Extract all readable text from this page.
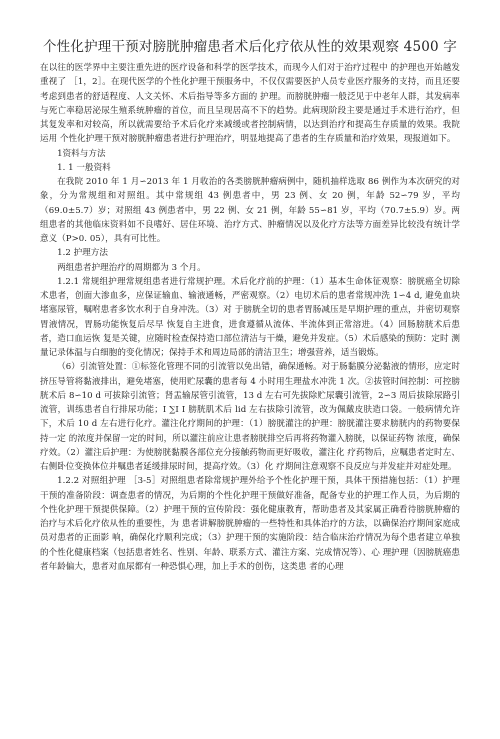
个性化护理干预对膀胱肿瘤患者术后化疗依从性的效果观察 4500 字

在以往的医学界中主要注重先进的医疗设备和科学的医学技术，而现今人们对于治疗过程中 的护理也开始越发重视了 ［1，2］。在现代医学的个性化护理干预服务中，不仅仅需要医护人员专业医疗服务的支持，而且还要考虑到患者的舒适程度、人文关怀、术后指导等多方面的 护理。而膀胱肿瘤一般泛见于中老年人群，其发病率与死亡率稳居泌尿生殖系统肿瘤的首位，而且呈现居高不下的趋势。此病现阶段主要是通过手术进行治疗，但其复发率和对较高，所以就需要给予术后化疗来减缓或者控制病情，以达到治疗和提高生存质量的效果。我院运用 个性化护理干预对膀胱肿瘤患者进行护理治疗，明显地提高了患者的生存质量和治疗效果，现报道如下。

1资料与方法

1. 1 一般资料

在我院 2010 年 1 月∽2013 年 1 月收治的各类膀胱肿瘤病例中，随机抽样选取 86 例作为本次研究的对象，分为常规组和对照组。其中常规组 43 例患者中，男 23 例、女 20 例，年龄 52∽79 岁，平均（69.0±5.7）岁；对照组 43 例患者中，男 22 例、女 21 例，年龄 55∽81 岁，平均（70.7±5.9）岁。两组患者的其他临床资料如不良嗜好、居住环境、治疗方式、肿瘤情况以及化疗方法等方面差异比较没有统计学意义（P>0. 05），具有可比性。

1.2 护理方法

两组患者护理治疗的周期都为 3 个月。

1.2.1 常规组护理常规组患者进行常规护理。术后化疗前的护理：（1）基本生命体征观察：膀胱癌全切除术患者，创面大渗血多，应保证输血、输液通畅，严密观察。（2）电切术后的患者常规冲洗 1∽4 d, 避免血块堵塞尿管，嘱咐患者多饮水利于自身冲洗。（3）对 于膀胱全切的患者胃肠减压是早期护理的重点，并密切观察胃液情况，胃肠功能恢复后尽早 恢复自主进食，进食遵循从流体、半流体到正常溶进。（4）回肠膀胱术后患者，造口血运恢 复是关键，应随时检查保持造口部位清洁与干燥，避免并发症。（5）术后感染的预防：定时 测量记录体温与白细胞的变化情况；保持手术和周边局部的清洁卫生；增强营养，适当锻炼。

（6）引流管处置：①标签化管理不同的引流管以免出错，确保通畅。对于肠黏膜分泌黏液的情形，应定时挤压导管将黏液排出，避免堵塞，使用贮尿囊的患者每 4 小时用生理盐水冲洗 1 次。②拔管时间控制：可控膀胱术后 8∽10 d 可拔除引流管；肾盂输尿管引流管，13 d 左右可先拔除贮尿囊引流管，2∽3 周后拔除尿路引流管，训练患者自行排尿功能；I ∑I I 膀胱肌术后 lid 左右拔除引流管，改为佩戴皮肤造口袋。一般病情允许下，术后 10 d 左右进行化疗。灌注化疗期间的护理：（1）膀胱灌注的护理：膀胱灌注要求膀胱内的药物要保持一定 的浓度并保留一定的时间，所以灌注前应让患者膀胱排空后再将药物灌入膀胱，以保证药物 浓度，确保疗效。（2）灌注后护理：为使膀胱黏膜各部位充分接触药物而更好吸收，灌注化 疗药物后，应嘱患者定时左、右侧卧位变换体位并嘱患者延缓排尿时间，提高疗效。（3）化 疗期间注意观察不良反应与并发症并对症处理。

1.2.2 对照组护理 ［3-5］对照组患者除常规护理外给予个性化护理干预，具体干预措施包括：（1）护理干预的准备阶段：调查患者的情况，为后期的个性化护理干预做好准备，配备专业的护理工作人员，为后期的个性化护理干预提供保障。（2）护理干预的宣传阶段：强化健康教育，帮助患者及其家属正确看待膀胱肿瘤的治疗与术后化疗依从性的重要性，为 患者讲解膀胱肿瘤的一些特性和具体治疗的方法，以确保治疗期间家庭成员对患者的正面影 响，确保化疗顺利完成；（3）护理干预的实施阶段：结合临床治疗情况为每个患者建立单独 的个性化健康档案（包括患者姓名、性别、年龄、联系方式、灌注方案、完成情况等）、心 理护理（因膀胱癌患者年龄偏大，患者对血尿都有一种恐惧心理，加上手术的创伤，这类患 者的心理
